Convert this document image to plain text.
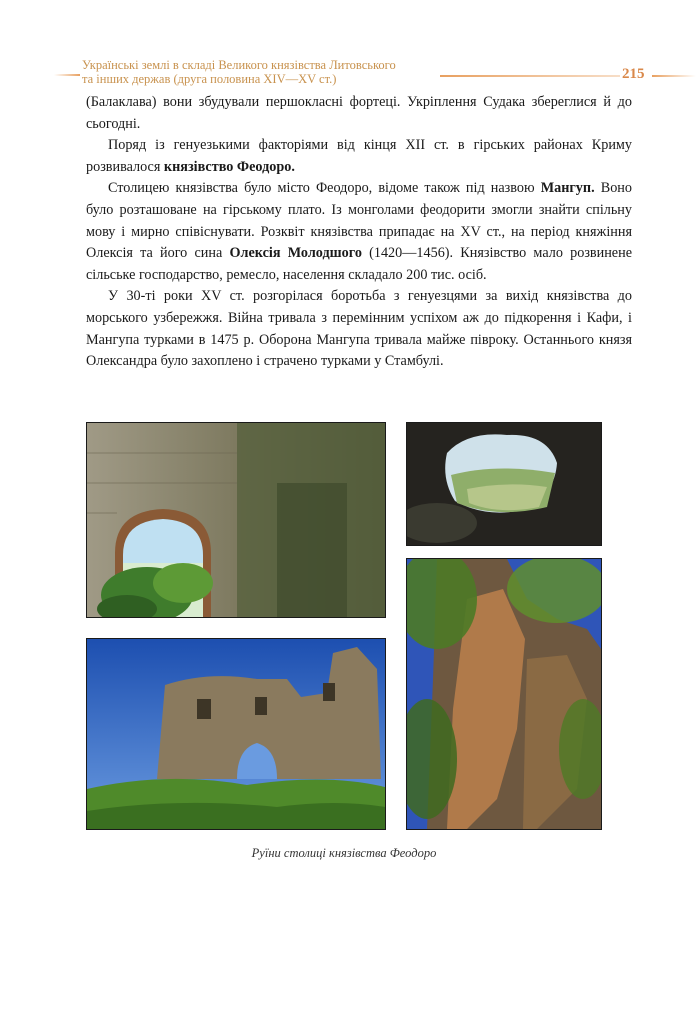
Українські землі в складі Великого князівства Литовського
та інших держав (друга половина XIV—XV ст.)	215

(Балаклава) вони збудували першокласні фортеці. Укріплення Судака збереглися й до сьогодні.

Поряд із генуезькими факторіями від кінця XII ст. в гірських районах Криму розвивалося князівство Феодоро.

Столицею князівства було місто Феодоро, відоме також під назвою Мангуп. Воно було розташоване на гірському плато. Із монголами феодорити змогли знайти спільну мову і мирно співіснувати. Розквіт князівства припадає на XV ст., на період княжіння Олексія та його сина Олексія Молодшого (1420—1456). Князівство мало розвинене сільське господарство, ремесло, населення складало 200 тис. осіб.

У 30-ті роки XV ст. розгорілася боротьба з генуезцями за вихід князівства до морського узбережжя. Війна тривала з перемінним успіхом аж до підкорення і Кафи, і Мангупа турками в 1475 р. Оборона Мангупа тривала майже півроку. Останнього князя Олександра було захоплено і страчено турками у Стамбулі.

Руїни столиці князівства Феодоро
